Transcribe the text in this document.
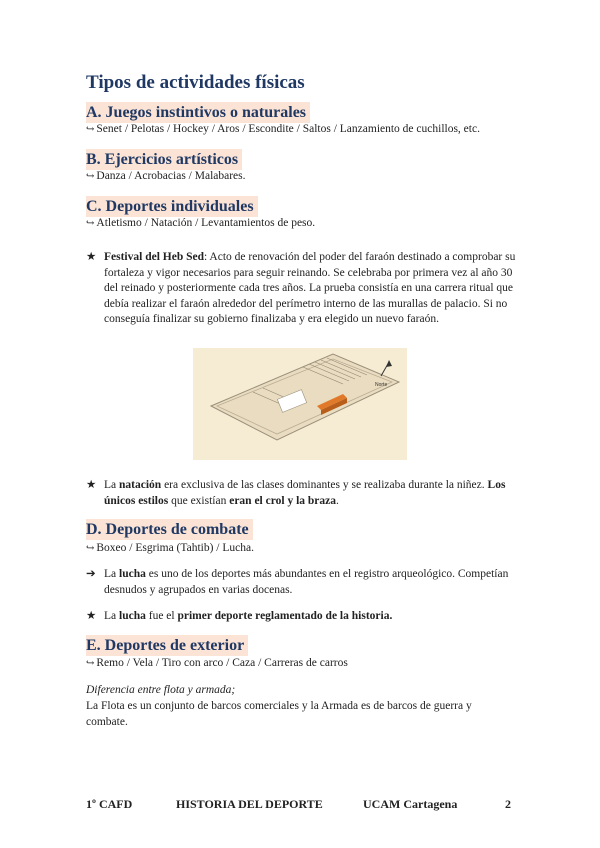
Tipos de actividades físicas
A. Juegos instintivos o naturales
↪ Senet / Pelotas / Hockey / Aros / Escondite / Saltos / Lanzamiento de cuchillos, etc.
B. Ejercicios artísticos
↪ Danza / Acrobacias / Malabares.
C. Deportes individuales
↪ Atletismo / Natación / Levantamientos de peso.
★ Festival del Heb Sed: Acto de renovación del poder del faraón destinado a comprobar su fortaleza y vigor necesarios para seguir reinando. Se celebraba por primera vez al año 30 del reinado y posteriormente cada tres años. La prueba consistía en una carrera ritual que debía realizar el faraón alrededor del perímetro interno de las murallas de palacio. Si no conseguía finalizar su gobierno finalizaba y era elegido un nuevo faraón.
Norte
★ La natación era exclusiva de las clases dominantes y se realizaba durante la niñez. Los únicos estilos que existían eran el crol y la braza.
D. Deportes de combate
↪ Boxeo / Esgrima (Tahtib) / Lucha.
➔ La lucha es uno de los deportes más abundantes en el registro arqueológico. Competían desnudos y agrupados en varias docenas.
★ La lucha fue el primer deporte reglamentado de la historia.
E. Deportes de exterior
↪ Remo / Vela / Tiro con arco / Caza / Carreras de carros
Diferencia entre flota y armada;
La Flota es un conjunto de barcos comerciales y la Armada es de barcos de guerra y combate.
1º CAFD	HISTORIA DEL DEPORTE	UCAM Cartagena	2
